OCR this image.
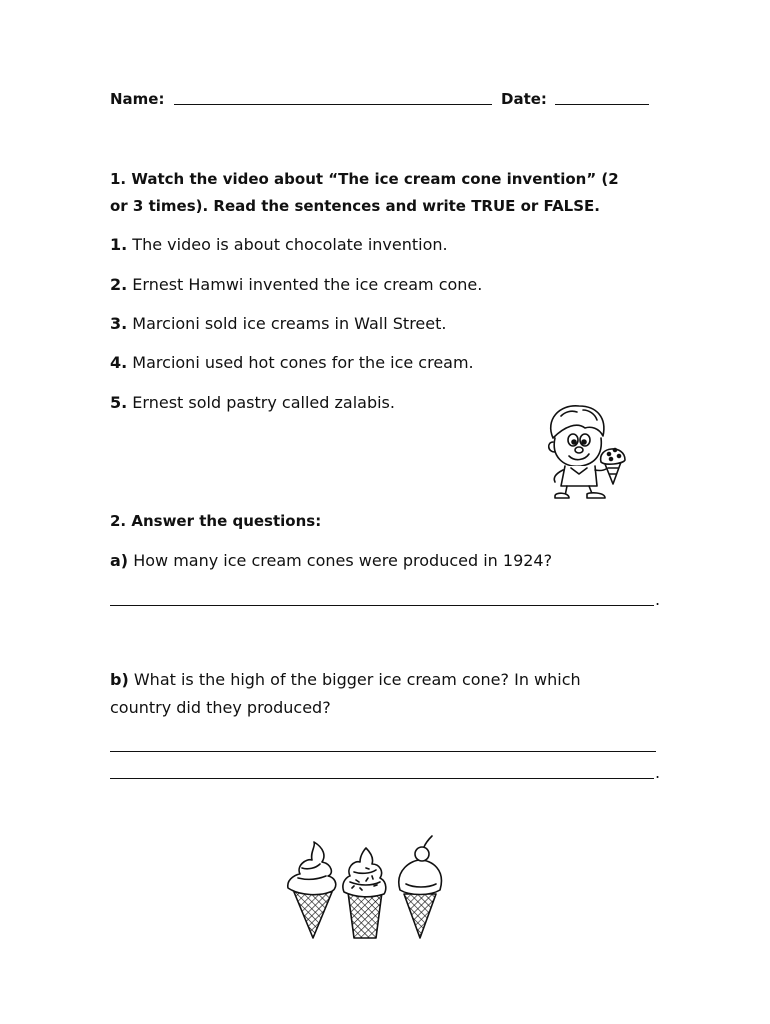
Name:	Date:
1. Watch the video about “The ice cream cone invention” (2
or 3 times). Read the sentences and write TRUE or FALSE.
1. The video is about chocolate invention.
2. Ernest Hamwi invented the ice cream cone.
3. Marcioni sold ice creams in Wall Street.
4. Marcioni used hot cones for the ice cream.
5. Ernest sold pastry called zalabis.
2. Answer the questions:
a) How many ice cream cones were produced in 1924?
.
b) What is the high of the bigger ice cream cone? In which
country did they produced?
.
